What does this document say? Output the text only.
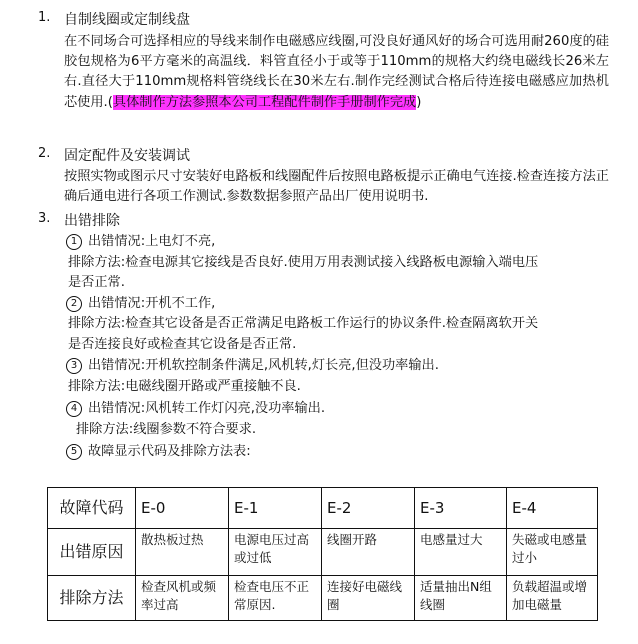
1. 自制线圈或定制线盘
在不同场合可选择相应的导线来制作电磁感应线圈,可没良好通风好的场合可选用耐260度的硅胶包规格为6平方毫米的高温线．料管直径小于或等于110mm的规格大约绕电磁线长26米左右.直径大于110mm规格料管绕线长在30米左右.制作完经测试合格后待连接电磁感应加热机芯使用.(具体制作方法参照本公司工程配件制作手册制作完成)
2. 固定配件及安装调试
按照实物或图示尺寸安装好电路板和线圈配件后按照电路板提示正确电气连接.检查连接方法正确后通电进行各项工作测试.参数数据参照产品出厂使用说明书.
3. 出错排除
1 出错情况:上电灯不亮,
排除方法:检查电源其它接线是否良好.使用万用表测试接入线路板电源输入端电压
是否正常.
2 出错情况:开机不工作,
排除方法:检查其它设备是否正常满足电路板工作运行的协议条件.检查隔离软开关
是否连接良好或检查其它设备是否正常.
3 出错情况:开机软控制条件满足,风机转,灯长亮,但没功率输出.
排除方法:电磁线圈开路或严重接触不良.
4 出错情况:风机转工作灯闪亮,没功率输出.
排除方法:线圈参数不符合要求.
5 故障显示代码及排除方法表:
故障代码	E-0	E-1	E-2	E-3	E-4
出错原因	散热板过热	电源电压过高或过低	线圈开路	电感量过大	失磁或电感量过小
排除方法	检查风机或频率过高	检查电压不正常原因.	连接好电磁线圈	适量抽出N组线圈	负载超温或增加电磁量
